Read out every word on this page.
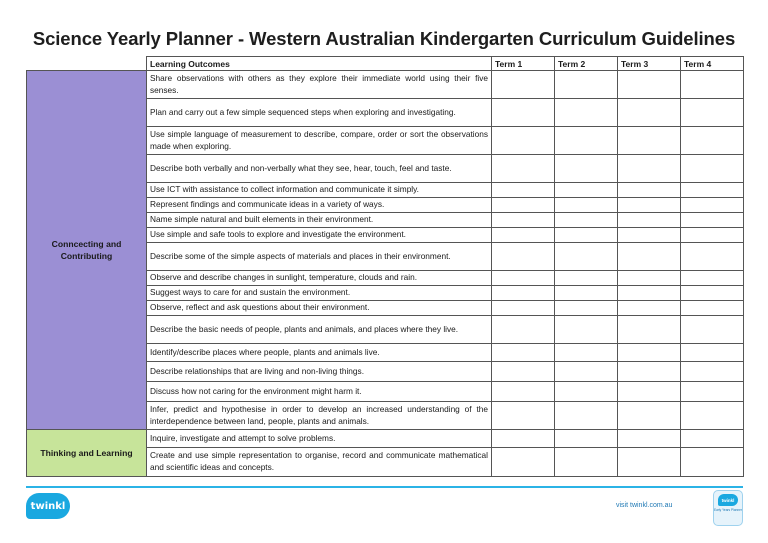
Science Yearly Planner - Western Australian Kindergarten Curriculum Guidelines
	Learning Outcomes	Term 1	Term 2	Term 3	Term 4
Conncecting and Contributing	Share observations with others as they explore their immediate world using their five senses.				
	Plan and carry out a few simple sequenced steps when exploring and investigating.				
	Use simple language of measurement to describe, compare, order or sort the observations made when exploring.				
	Describe both verbally and non-verbally what they see, hear, touch, feel and taste.				
	Use ICT with assistance to collect information and communicate it simply.				
	Represent findings and communicate ideas in a variety of ways.				
	Name simple natural and built elements in their environment.				
	Use simple and safe tools to explore and investigate the environment.				
	Describe some of the simple aspects of materials and places in their environment.				
	Observe and describe changes in sunlight, temperature, clouds and rain.				
	Suggest ways to care for and sustain the environment.				
	Observe, reflect and ask questions about their environment.				
	Describe the basic needs of people, plants and animals, and places where they live.				
	Identify/describe places where people, plants and animals live.				
	Describe relationships that are living and non-living things.				
	Discuss how not caring for the environment might harm it.				
	Infer, predict and hypothesise in order to develop an increased understanding of the interdependence between land, people, plants and animals.				
Thinking and Learning	Inquire, investigate and attempt to solve problems.				
	Create and use simple representation to organise, record and communicate mathematical and scientific ideas and concepts.				
twinkl	visit twinkl.com.au
twinkl
Early Years Planner
